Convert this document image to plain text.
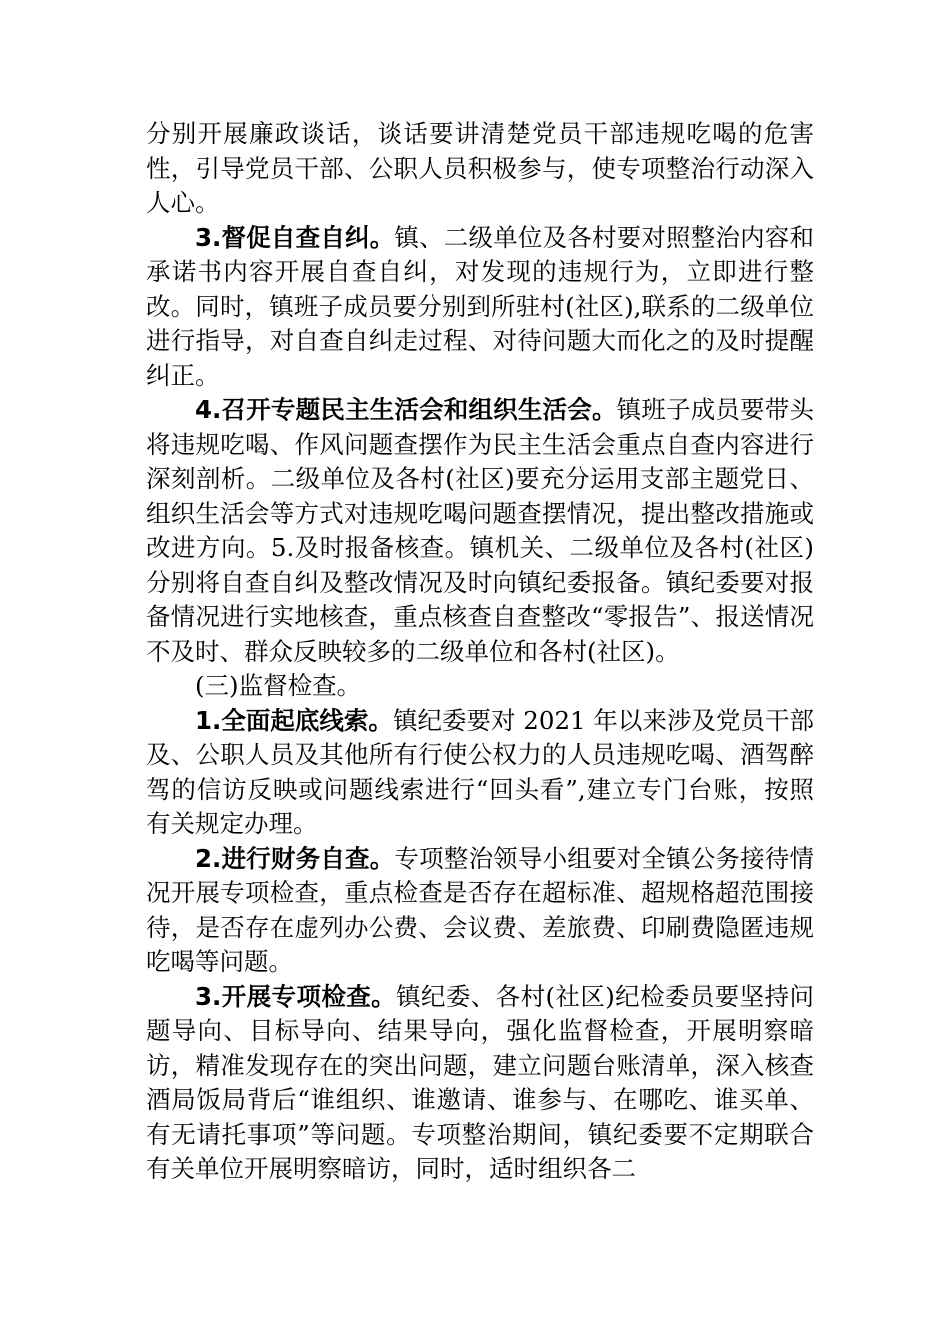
分别开展廉政谈话，谈话要讲清楚党员干部违规吃喝的危害性，引导党员干部、公职人员积极参与，使专项整治行动深入人心。

3.督促自查自纠。镇、二级单位及各村要对照整治内容和承诺书内容开展自查自纠，对发现的违规行为，立即进行整改。同时，镇班子成员要分别到所驻村(社区),联系的二级单位进行指导，对自查自纠走过程、对待问题大而化之的及时提醒纠正。

4.召开专题民主生活会和组织生活会。镇班子成员要带头将违规吃喝、作风问题查摆作为民主生活会重点自查内容进行深刻剖析。二级单位及各村(社区)要充分运用支部主题党日、组织生活会等方式对违规吃喝问题查摆情况，提出整改措施或改进方向。5.及时报备核查。镇机关、二级单位及各村(社区)分别将自查自纠及整改情况及时向镇纪委报备。镇纪委要对报备情况进行实地核查，重点核查自查整改“零报告”、报送情况不及时、群众反映较多的二级单位和各村(社区)。

(三)监督检查。

1.全面起底线索。镇纪委要对 2021 年以来涉及党员干部及、公职人员及其他所有行使公权力的人员违规吃喝、酒驾醉驾的信访反映或问题线索进行“回头看”,建立专门台账，按照有关规定办理。

2.进行财务自查。专项整治领导小组要对全镇公务接待情况开展专项检查，重点检查是否存在超标准、超规格超范围接待，是否存在虚列办公费、会议费、差旅费、印刷费隐匿违规吃喝等问题。

3.开展专项检查。镇纪委、各村(社区)纪检委员要坚持问题导向、目标导向、结果导向，强化监督检查，开展明察暗访，精准发现存在的突出问题，建立问题台账清单，深入核查酒局饭局背后“谁组织、谁邀请、谁参与、在哪吃、谁买单、有无请托事项”等问题。专项整治期间，镇纪委要不定期联合有关单位开展明察暗访，同时，适时组织各二
